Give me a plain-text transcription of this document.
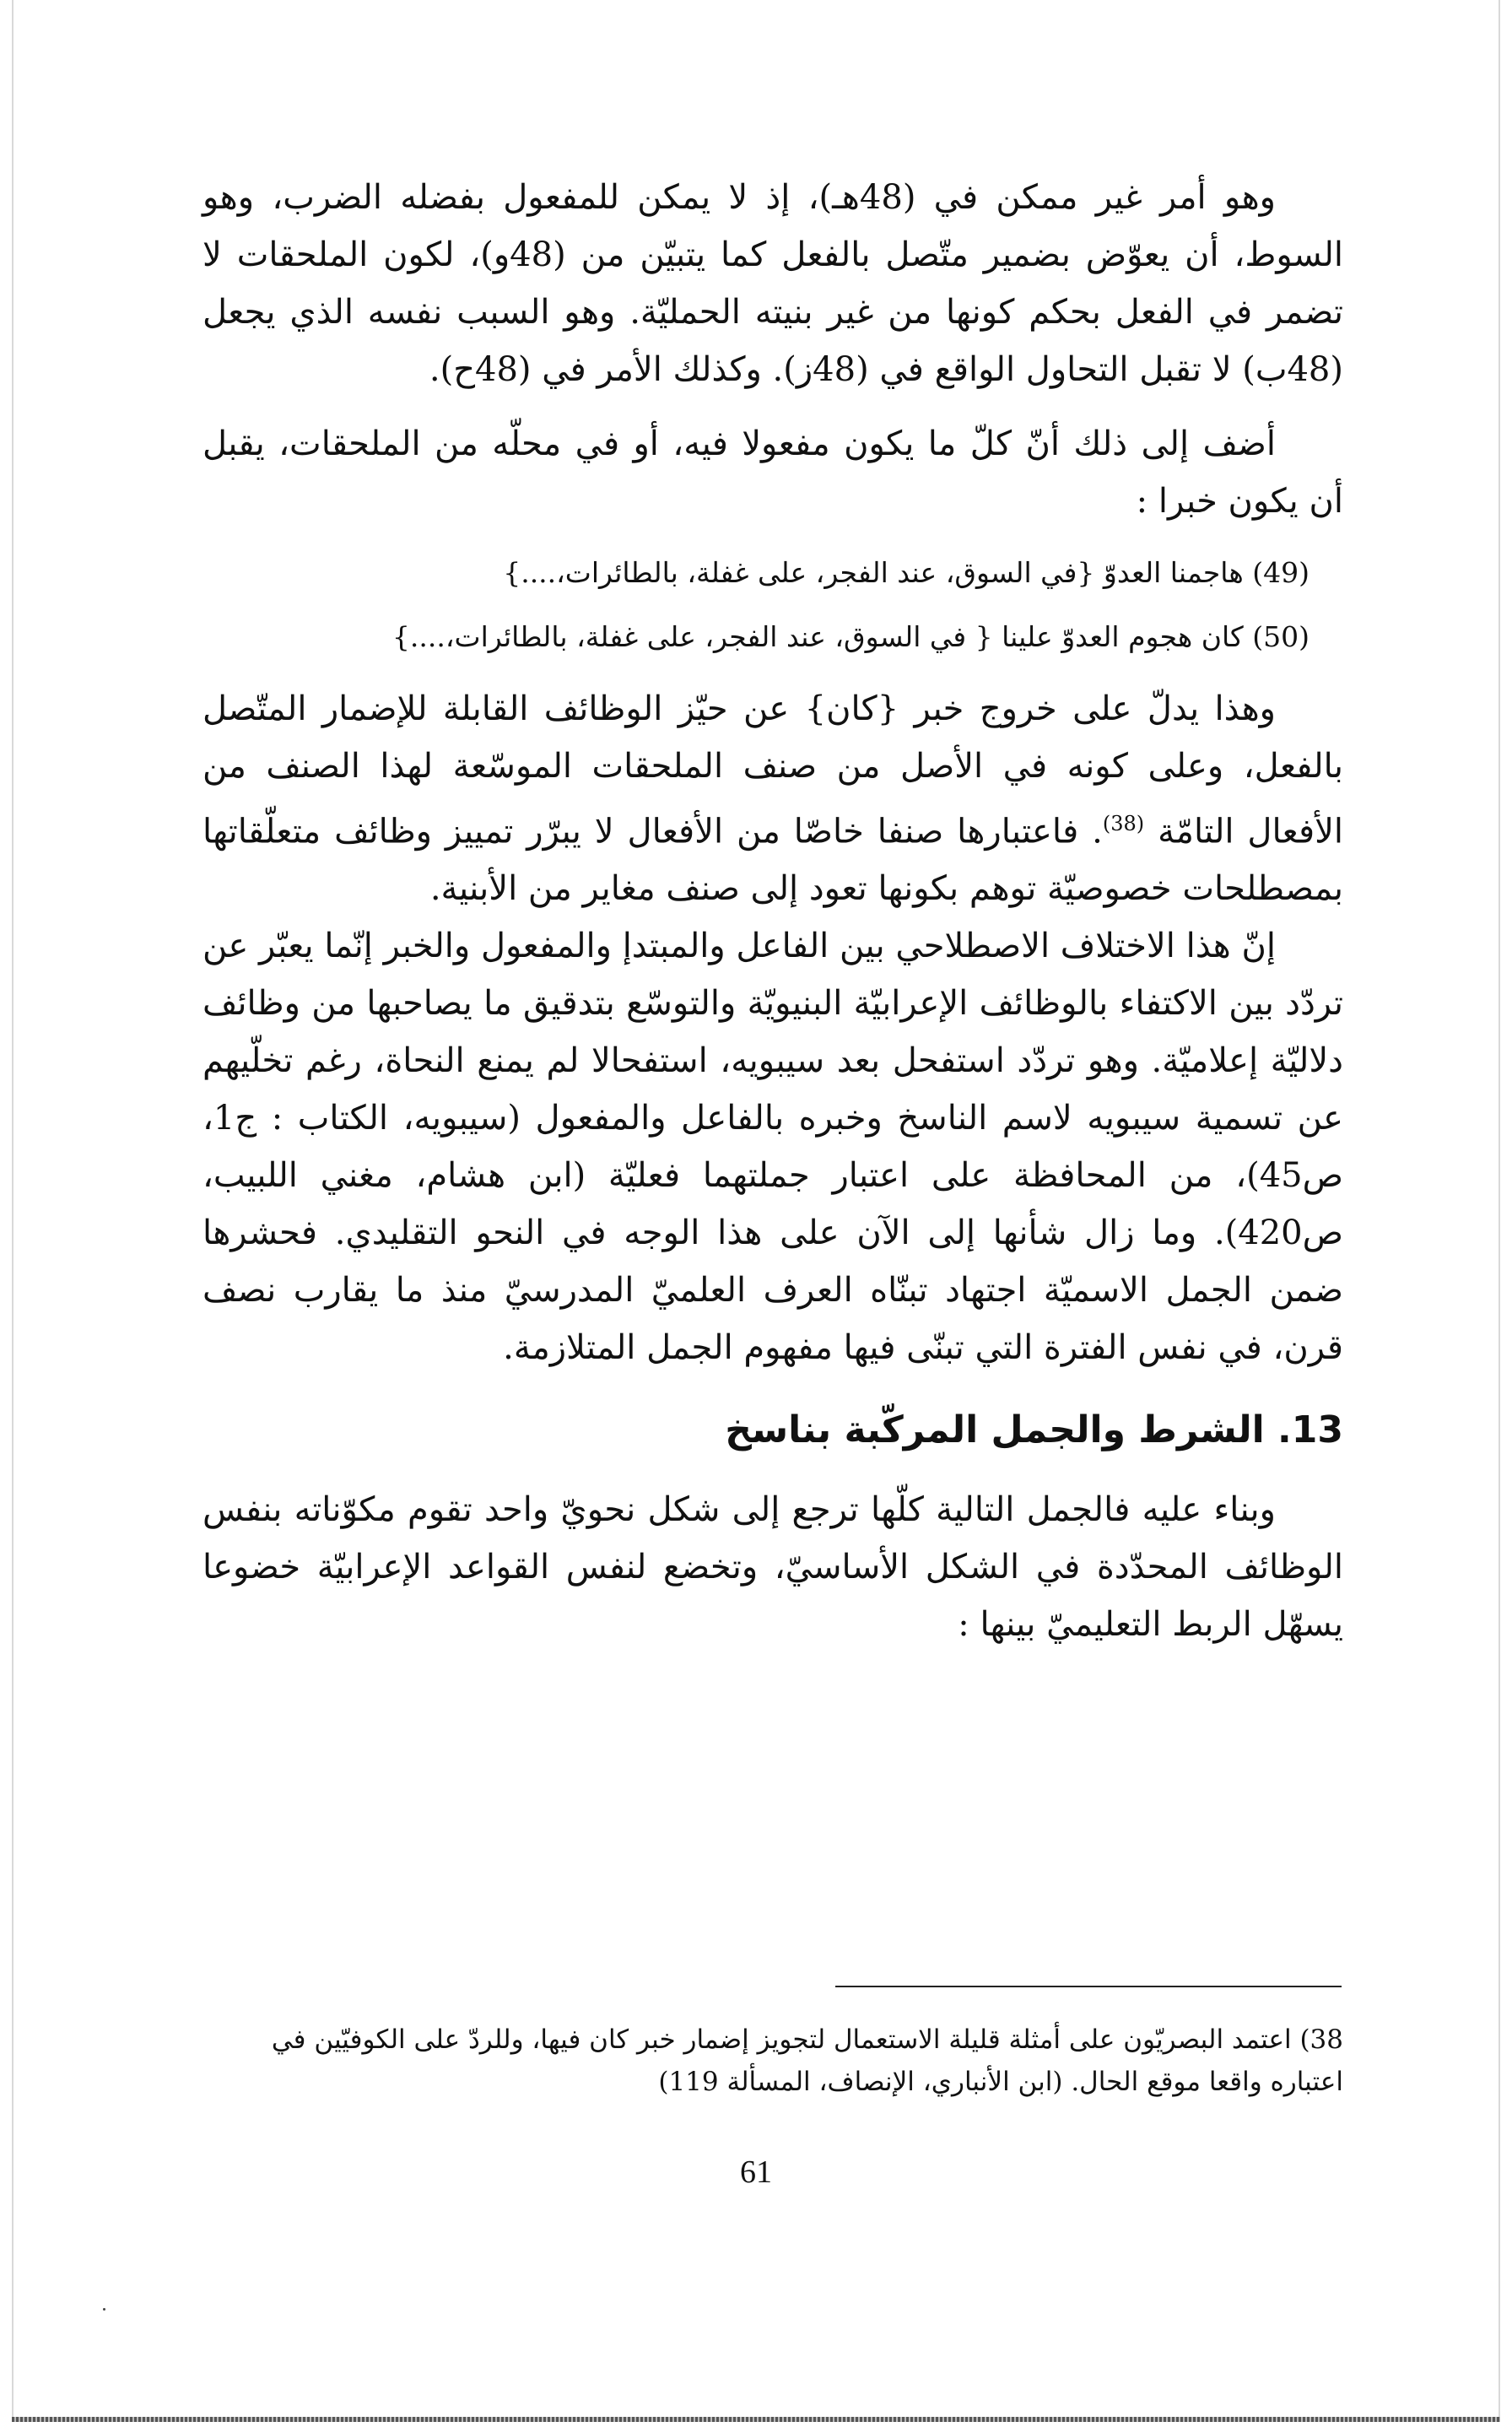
وهو أمر غير ممكن في (48هـ)، إذ لا يمكن للمفعول بفضله الضرب، وهو السوط، أن يعوّض بضمير متّصل بالفعل كما يتبيّن من (48و)، لكون الملحقات لا تضمر في الفعل بحكم كونها من غير بنيته الحمليّة. وهو السبب نفسه الذي يجعل (48ب) لا تقبل التحاول الواقع في (48ز). وكذلك الأمر في (48ح).

أضف إلى ذلك أنّ كلّ ما يكون مفعولا فيه، أو في محلّه من الملحقات، يقبل أن يكون خبرا :

(49) هاجمنا العدوّ {في السوق، عند الفجر، على غفلة، بالطائرات،....}

(50) كان هجوم العدوّ علينا { في السوق، عند الفجر، على غفلة، بالطائرات،....}

وهذا يدلّ على خروج خبر {كان} عن حيّز الوظائف القابلة للإضمار المتّصل بالفعل، وعلى كونه في الأصل من صنف الملحقات الموسّعة لهذا الصنف من الأفعال التامّة $^{(38)}$. فاعتبارها صنفا خاصّا من الأفعال لا يبرّر تمييز وظائف متعلّقاتها بمصطلحات خصوصيّة توهم بكونها تعود إلى صنف مغاير من الأبنية.

إنّ هذا الاختلاف الاصطلاحي بين الفاعل والمبتدإ والمفعول والخبر إنّما يعبّر عن تردّد بين الاكتفاء بالوظائف الإعرابيّة البنيويّة والتوسّع بتدقيق ما يصاحبها من وظائف دلاليّة إعلاميّة. وهو تردّد استفحل بعد سيبويه، استفحالا لم يمنع النحاة، رغم تخلّيهم عن تسمية سيبويه لاسم الناسخ وخبره بالفاعل والمفعول (سيبويه، الكتاب : ج1، ص45)، من المحافظة على اعتبار جملتهما فعليّة (ابن هشام، مغني اللبيب، ص420). وما زال شأنها إلى الآن على هذا الوجه في النحو التقليدي. فحشرها ضمن الجمل الاسميّة اجتهاد تبنّاه العرف العلميّ المدرسيّ منذ ما يقارب نصف قرن، في نفس الفترة التي تبنّى فيها مفهوم الجمل المتلازمة.

13. الشرط والجمل المركّبة بناسخ

وبناء عليه فالجمل التالية كلّها ترجع إلى شكل نحويّ واحد تقوم مكوّناته بنفس الوظائف المحدّدة في الشكل الأساسيّ، وتخضع لنفس القواعد الإعرابيّة خضوعا يسهّل الربط التعليميّ بينها :

38) اعتمد البصريّون على أمثلة قليلة الاستعمال لتجويز إضمار خبر كان فيها، وللردّ على الكوفيّين في اعتباره واقعا موقع الحال. (ابن الأنباري، الإنصاف، المسألة 119)

61
